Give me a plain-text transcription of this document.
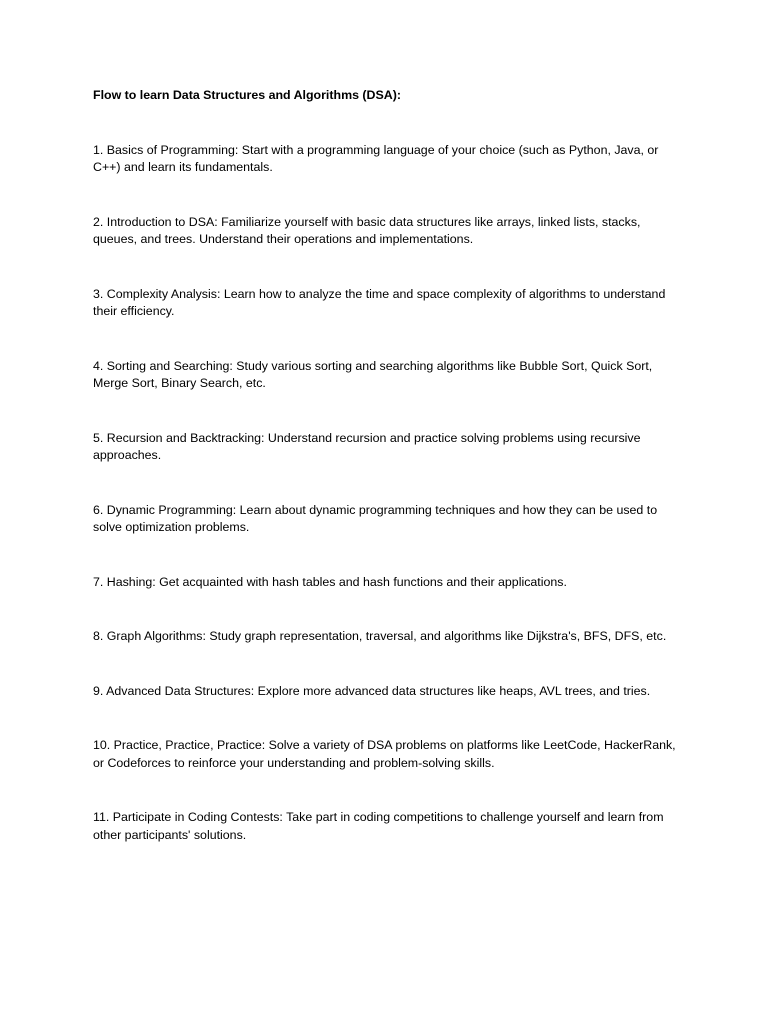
Flow to learn Data Structures and Algorithms (DSA):

1. Basics of Programming: Start with a programming language of your choice (such as Python, Java, or C++) and learn its fundamentals.

2. Introduction to DSA: Familiarize yourself with basic data structures like arrays, linked lists, stacks, queues, and trees. Understand their operations and implementations.

3. Complexity Analysis: Learn how to analyze the time and space complexity of algorithms to understand their efficiency.

4. Sorting and Searching: Study various sorting and searching algorithms like Bubble Sort, Quick Sort, Merge Sort, Binary Search, etc.

5. Recursion and Backtracking: Understand recursion and practice solving problems using recursive approaches.

6. Dynamic Programming: Learn about dynamic programming techniques and how they can be used to solve optimization problems.

7. Hashing: Get acquainted with hash tables and hash functions and their applications.

8. Graph Algorithms: Study graph representation, traversal, and algorithms like Dijkstra's, BFS, DFS, etc.

9. Advanced Data Structures: Explore more advanced data structures like heaps, AVL trees, and tries.

10. Practice, Practice, Practice: Solve a variety of DSA problems on platforms like LeetCode, HackerRank, or Codeforces to reinforce your understanding and problem-solving skills.

11. Participate in Coding Contests: Take part in coding competitions to challenge yourself and learn from other participants' solutions.
